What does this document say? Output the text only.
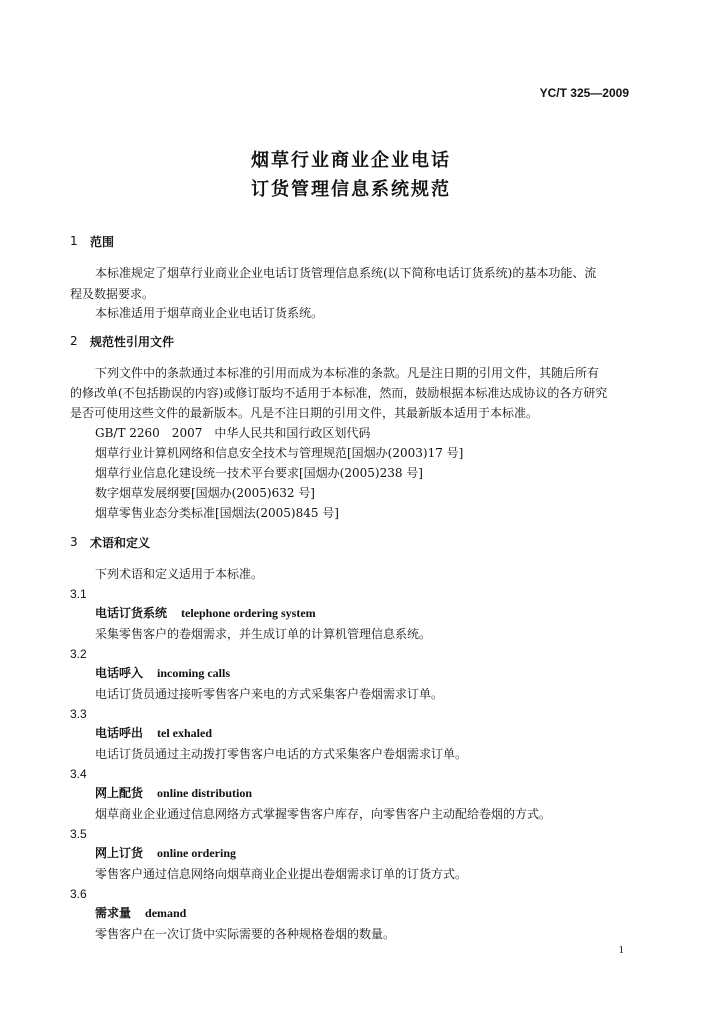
YC/T 325—2009
烟草行业商业企业电话
订货管理信息系统规范
1 范围
本标准规定了烟草行业商业企业电话订货管理信息系统(以下简称电话订货系统)的基本功能、流
程及数据要求。
本标准适用于烟草商业企业电话订货系统。
2 规范性引用文件
下列文件中的条款通过本标准的引用而成为本标准的条款。凡是注日期的引用文件，其随后所有
的修改单(不包括勘误的内容)或修订版均不适用于本标准，然而，鼓励根据本标准达成协议的各方研究
是否可使用这些文件的最新版本。凡是不注日期的引用文件，其最新版本适用于本标准。
GB/T 2260　2007　中华人民共和国行政区划代码
烟草行业计算机网络和信息安全技术与管理规范[国烟办(2003)17 号]
烟草行业信息化建设统一技术平台要求[国烟办(2005)238 号]
数字烟草发展纲要[国烟办(2005)632 号]
烟草零售业态分类标准[国烟法(2005)845 号]
3 术语和定义
下列术语和定义适用于本标准。
3.1
电话订货系统 telephone ordering system
采集零售客户的卷烟需求，并生成订单的计算机管理信息系统。
3.2
电话呼入 incoming calls
电话订货员通过接听零售客户来电的方式采集客户卷烟需求订单。
3.3
电话呼出 tel exhaled
电话订货员通过主动拨打零售客户电话的方式采集客户卷烟需求订单。
3.4
网上配货 online distribution
烟草商业企业通过信息网络方式掌握零售客户库存，向零售客户主动配给卷烟的方式。
3.5
网上订货 online ordering
零售客户通过信息网络向烟草商业企业提出卷烟需求订单的订货方式。
3.6
需求量 demand
零售客户在一次订货中实际需要的各种规格卷烟的数量。
1
